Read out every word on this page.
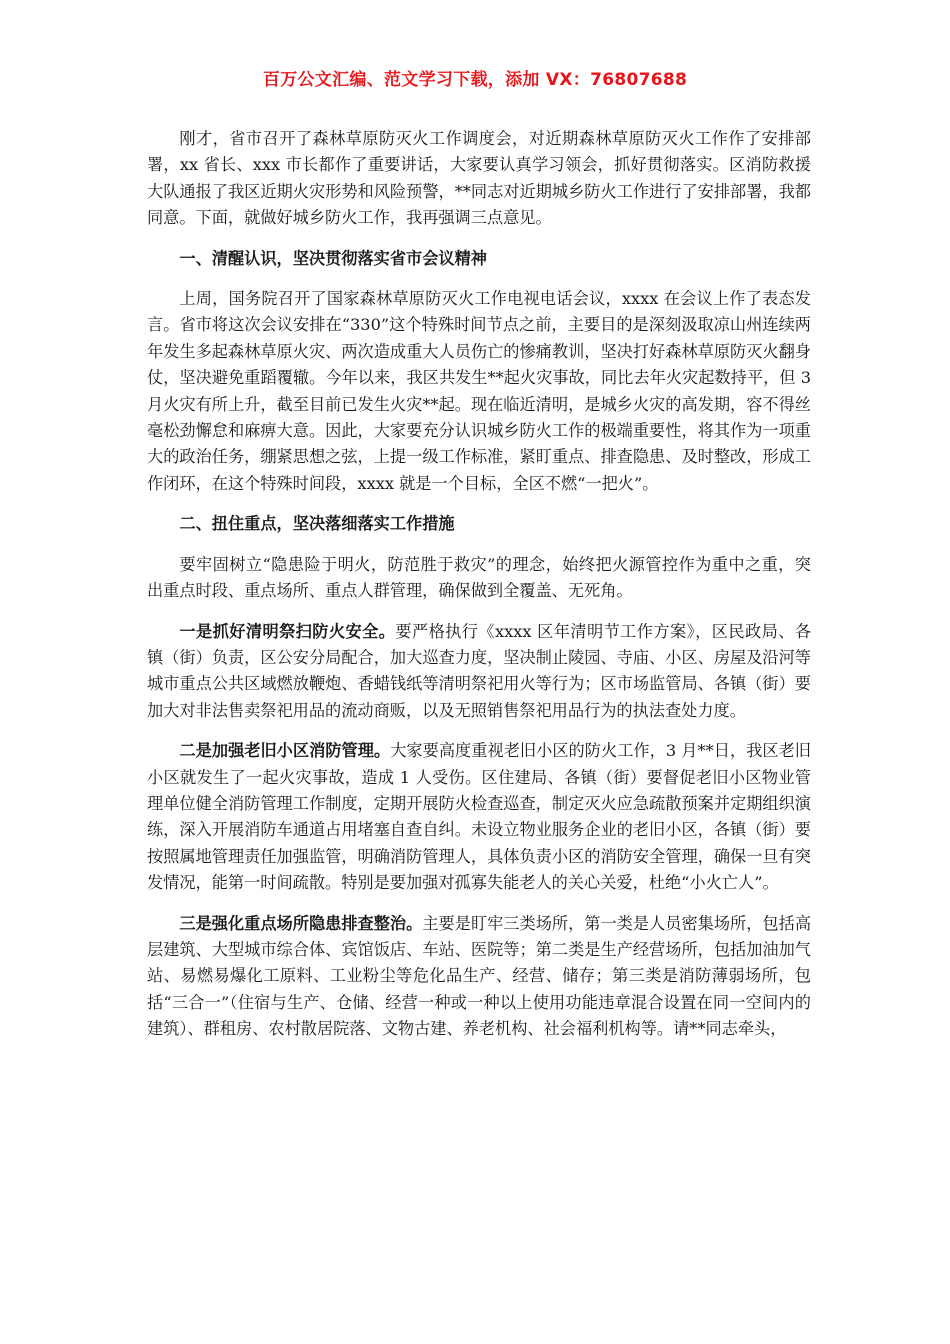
百万公文汇编、范文学习下载，添加 VX：76807688

刚才，省市召开了森林草原防灭火工作调度会，对近期森林草原防灭火工作作了安排部署，xx 省长、xxx 市长都作了重要讲话，大家要认真学习领会，抓好贯彻落实。区消防救援大队通报了我区近期火灾形势和风险预警，**同志对近期城乡防火工作进行了安排部署，我都同意。下面，就做好城乡防火工作，我再强调三点意见。

一、清醒认识，坚决贯彻落实省市会议精神

上周，国务院召开了国家森林草原防灭火工作电视电话会议，xxxx 在会议上作了表态发言。省市将这次会议安排在“330”这个特殊时间节点之前，主要目的是深刻汲取凉山州连续两年发生多起森林草原火灾、两次造成重大人员伤亡的惨痛教训，坚决打好森林草原防灭火翻身仗，坚决避免重蹈覆辙。今年以来，我区共发生**起火灾事故，同比去年火灾起数持平，但 3 月火灾有所上升，截至目前已发生火灾**起。现在临近清明，是城乡火灾的高发期，容不得丝毫松劲懈怠和麻痹大意。因此，大家要充分认识城乡防火工作的极端重要性，将其作为一项重大的政治任务，绷紧思想之弦，上提一级工作标准，紧盯重点、排查隐患、及时整改，形成工作闭环，在这个特殊时间段，xxxx 就是一个目标，全区不燃“一把火”。

二、扭住重点，坚决落细落实工作措施

要牢固树立“隐患险于明火，防范胜于救灾”的理念，始终把火源管控作为重中之重，突出重点时段、重点场所、重点人群管理，确保做到全覆盖、无死角。

一是抓好清明祭扫防火安全。要严格执行《xxxx 区年清明节工作方案》，区民政局、各镇（街）负责，区公安分局配合，加大巡查力度，坚决制止陵园、寺庙、小区、房屋及沿河等城市重点公共区域燃放鞭炮、香蜡钱纸等清明祭祀用火等行为；区市场监管局、各镇（街）要加大对非法售卖祭祀用品的流动商贩，以及无照销售祭祀用品行为的执法查处力度。

二是加强老旧小区消防管理。大家要高度重视老旧小区的防火工作，3 月**日，我区老旧小区就发生了一起火灾事故，造成 1 人受伤。区住建局、各镇（街）要督促老旧小区物业管理单位健全消防管理工作制度，定期开展防火检查巡查，制定灭火应急疏散预案并定期组织演练，深入开展消防车通道占用堵塞自查自纠。未设立物业服务企业的老旧小区，各镇（街）要按照属地管理责任加强监管，明确消防管理人，具体负责小区的消防安全管理，确保一旦有突发情况，能第一时间疏散。特别是要加强对孤寡失能老人的关心关爱，杜绝“小火亡人”。

三是强化重点场所隐患排查整治。主要是盯牢三类场所，第一类是人员密集场所，包括高层建筑、大型城市综合体、宾馆饭店、车站、医院等；第二类是生产经营场所，包括加油加气站、易燃易爆化工原料、工业粉尘等危化品生产、经营、储存；第三类是消防薄弱场所，包括“三合一”（住宿与生产、仓储、经营一种或一种以上使用功能违章混合设置在同一空间内的建筑）、群租房、农村散居院落、文物古建、养老机构、社会福利机构等。请**同志牵头，
